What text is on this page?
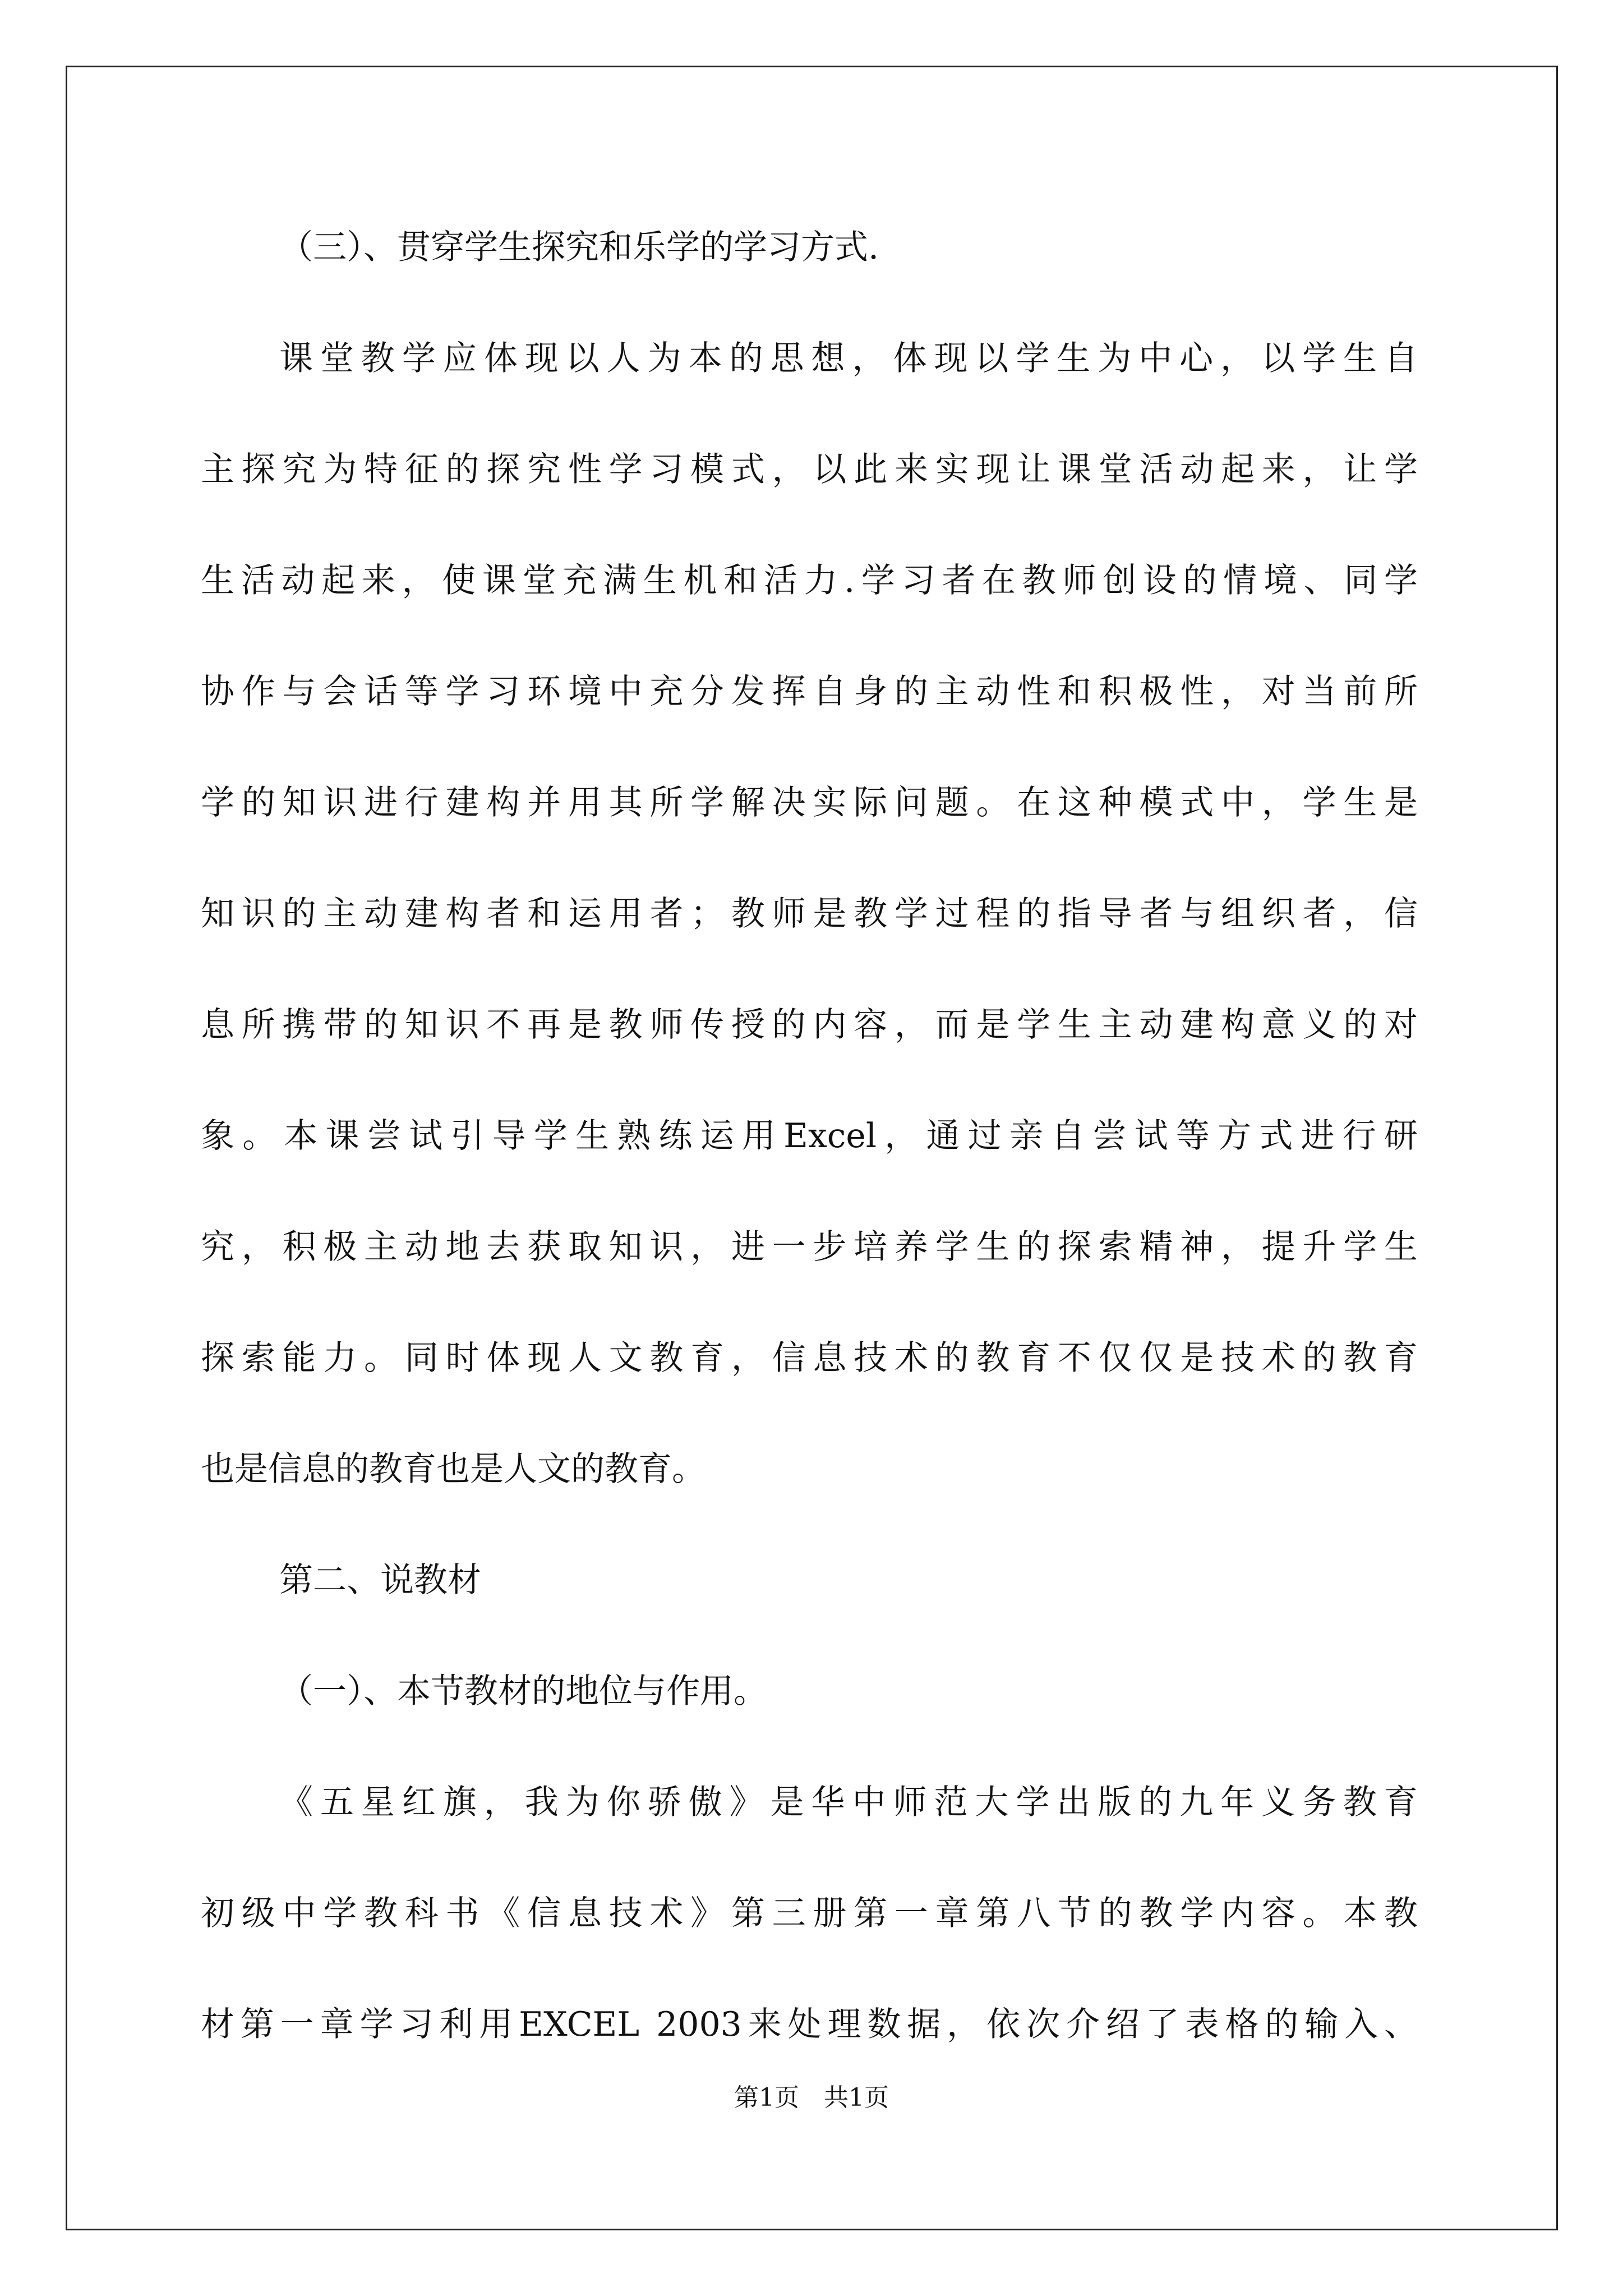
（三）、贯穿学生探究和乐学的学习方式.
课堂教学应体现以人为本的思想，体现以学生为中心，以学生自
主探究为特征的探究性学习模式，以此来实现让课堂活动起来，让学
生活动起来，使课堂充满生机和活力.学习者在教师创设的情境、同学
协作与会话等学习环境中充分发挥自身的主动性和积极性，对当前所
学的知识进行建构并用其所学解决实际问题。在这种模式中，学生是
知识的主动建构者和运用者；教师是教学过程的指导者与组织者，信
息所携带的知识不再是教师传授的内容，而是学生主动建构意义的对
象。本课尝试引导学生熟练运用Excel，通过亲自尝试等方式进行研
究，积极主动地去获取知识，进一步培养学生的探索精神，提升学生
探索能力。同时体现人文教育，信息技术的教育不仅仅是技术的教育
也是信息的教育也是人文的教育。
第二、说教材
（一）、本节教材的地位与作用。
《五星红旗，我为你骄傲》是华中师范大学出版的九年义务教育
初级中学教科书《信息技术》第三册第一章第八节的教学内容。本教
材第一章学习利用EXCEL 2003来处理数据，依次介绍了表格的输入、
第1页　共1页
